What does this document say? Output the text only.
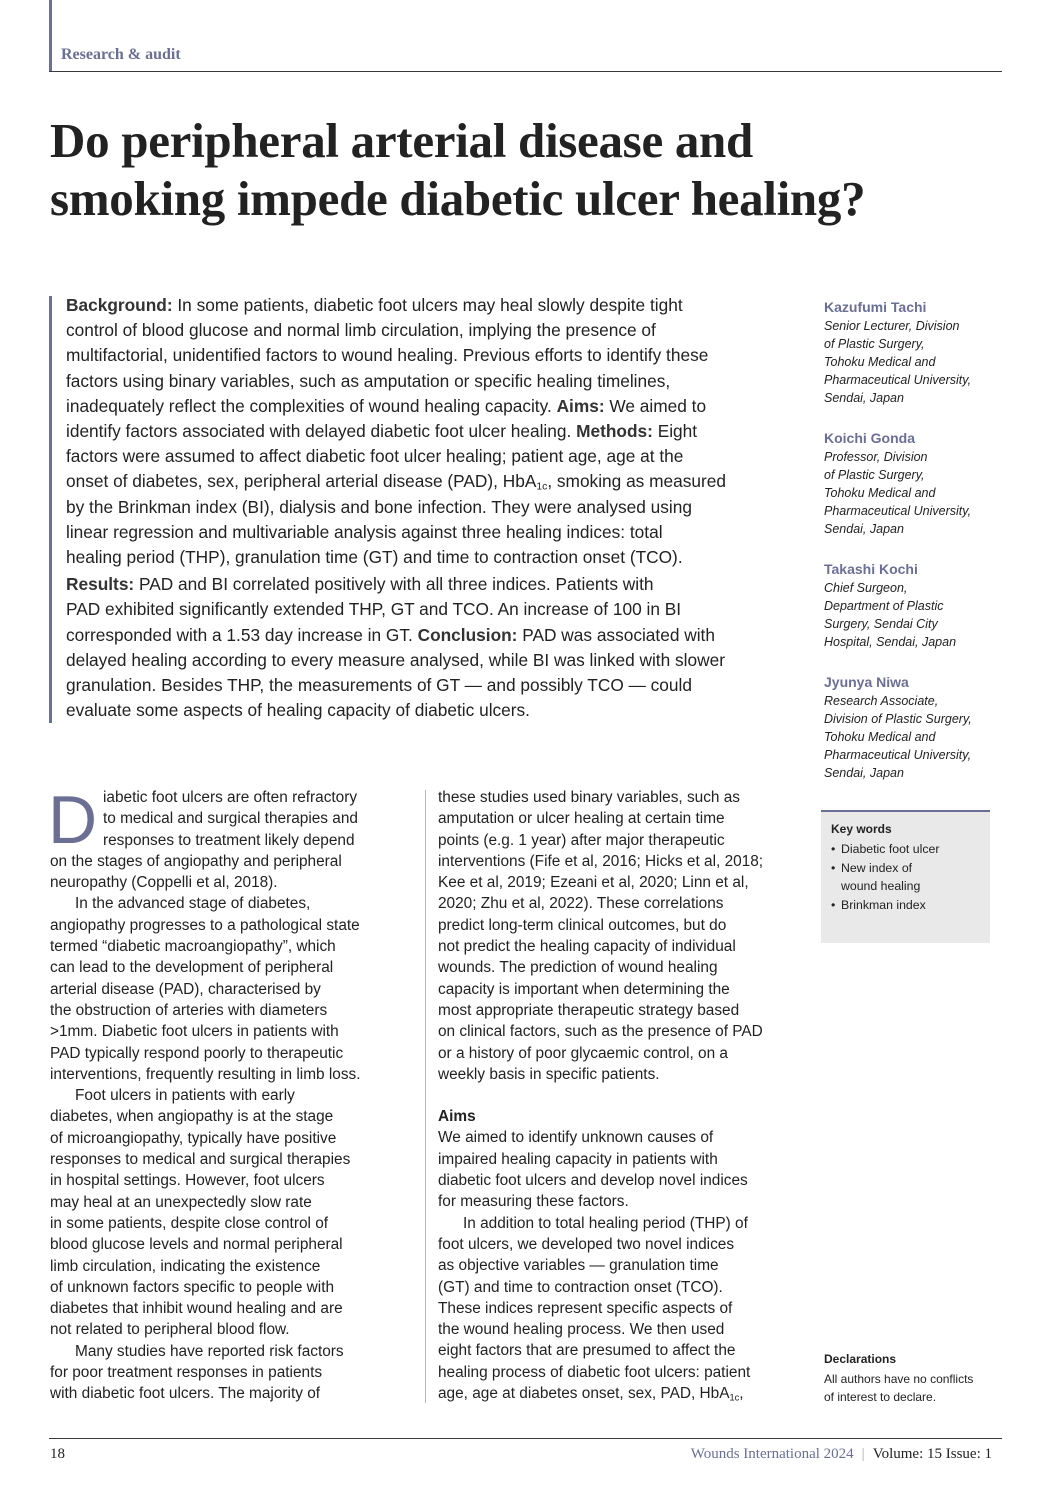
Research & audit
Do peripheral arterial disease and
smoking impede diabetic ulcer healing?

Background: In some patients, diabetic foot ulcers may heal slowly despite tight
control of blood glucose and normal limb circulation, implying the presence of
multifactorial, unidentified factors to wound healing. Previous efforts to identify these
factors using binary variables, such as amputation or specific healing timelines,
inadequately reflect the complexities of wound healing capacity. Aims: We aimed to
identify factors associated with delayed diabetic foot ulcer healing. Methods: Eight
factors were assumed to affect diabetic foot ulcer healing; patient age, age at the
onset of diabetes, sex, peripheral arterial disease (PAD), HbA$_{1c}$, smoking as measured
by the Brinkman index (BI), dialysis and bone infection. They were analysed using
linear regression and multivariable analysis against three healing indices: total
healing period (THP), granulation time (GT) and time to contraction onset (TCO).

Results: PAD and BI correlated positively with all three indices. Patients with
PAD exhibited significantly extended THP, GT and TCO. An increase of 100 in BI
corresponded with a 1.53 day increase in GT. Conclusion: PAD was associated with
delayed healing according to every measure analysed, while BI was linked with slower
granulation. Besides THP, the measurements of GT — and possibly TCO — could
evaluate some aspects of healing capacity of diabetic ulcers.

Kazufumi Tachi
Senior Lecturer, Division
of Plastic Surgery,
Tohoku Medical and
Pharmaceutical University,
Sendai, Japan
Koichi Gonda
Professor, Division
of Plastic Surgery,
Tohoku Medical and
Pharmaceutical University,
Sendai, Japan
Takashi Kochi
Chief Surgeon,
Department of Plastic
Surgery, Sendai City
Hospital, Sendai, Japan
Jyunya Niwa
Research Associate,
Division of Plastic Surgery,
Tohoku Medical and
Pharmaceutical University,
Sendai, Japan
Key words
• Diabetic foot ulcer
• New index of
wound healing
• Brinkman index
D iabetic foot ulcers are often refractory
to medical and surgical therapies and
responses to treatment likely depend
on the stages of angiopathy and peripheral
neuropathy (Coppelli et al, 2018).
In the advanced stage of diabetes,
angiopathy progresses to a pathological state
termed “diabetic macroangiopathy”, which
can lead to the development of peripheral
arterial disease (PAD), characterised by
the obstruction of arteries with diameters
>1mm. Diabetic foot ulcers in patients with
PAD typically respond poorly to therapeutic
interventions, frequently resulting in limb loss.
Foot ulcers in patients with early
diabetes, when angiopathy is at the stage
of microangiopathy, typically have positive
responses to medical and surgical therapies
in hospital settings. However, foot ulcers
may heal at an unexpectedly slow rate
in some patients, despite close control of
blood glucose levels and normal peripheral
limb circulation, indicating the existence
of unknown factors specific to people with
diabetes that inhibit wound healing and are
not related to peripheral blood flow.
Many studies have reported risk factors
for poor treatment responses in patients
with diabetic foot ulcers. The majority of
these studies used binary variables, such as
amputation or ulcer healing at certain time
points (e.g. 1 year) after major therapeutic
interventions (Fife et al, 2016; Hicks et al, 2018;
Kee et al, 2019; Ezeani et al, 2020; Linn et al,
2020; Zhu et al, 2022). These correlations
predict long-term clinical outcomes, but do
not predict the healing capacity of individual
wounds. The prediction of wound healing
capacity is important when determining the
most appropriate therapeutic strategy based
on clinical factors, such as the presence of PAD
or a history of poor glycaemic control, on a
weekly basis in specific patients.
Aims
We aimed to identify unknown causes of
impaired healing capacity in patients with
diabetic foot ulcers and develop novel indices
for measuring these factors.
In addition to total healing period (THP) of
foot ulcers, we developed two novel indices
as objective variables — granulation time
(GT) and time to contraction onset (TCO).
These indices represent specific aspects of
the wound healing process. We then used
eight factors that are presumed to affect the
healing process of diabetic foot ulcers: patient
age, age at diabetes onset, sex, PAD, HbA$_{1c}$,
Declarations
All authors have no conflicts
of interest to declare.
18	Wounds International 2024 | Volume: 15 Issue: 1
